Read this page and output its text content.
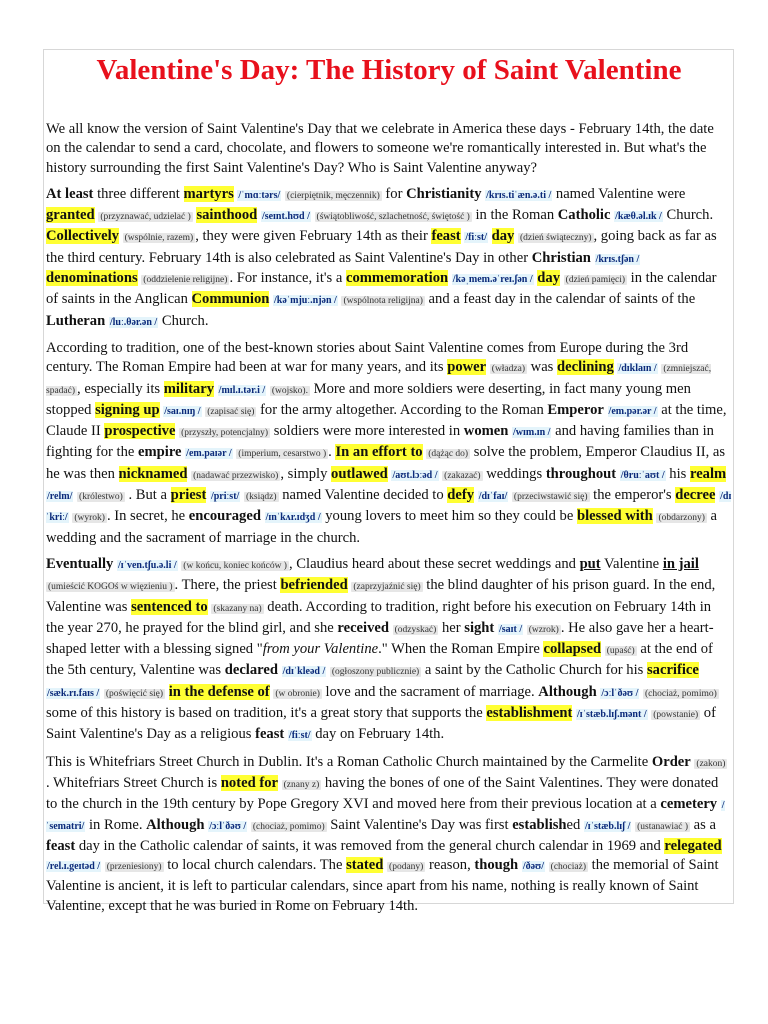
Valentine's Day: The History of Saint Valentine

We all know the version of Saint Valentine's Day that we celebrate in America these days - February 14th, the date on the calendar to send a card, chocolate, and flowers to someone we're romantically interested in. But what's the history surrounding the first Saint Valentine's Day? Who is Saint Valentine anyway?

At least three different martyrs /ˈmɑːtərs/ (cierpiętnik, męczennik) for Christianity /krɪs.tiˈæn.ə.ti / named Valentine were granted (przyznawać, udzielać ) sainthood /seɪnt.hʊd / (świątobliwość, szlachetność, świętość ) in the Roman Catholic /kæθ.əl.ɪk / Church. Collectively (wspólnie, razem) , they were given February 14th as their feast /fiːst/ day (dzień świąteczny) , going back as far as the third century. February 14th is also celebrated as Saint Valentine's Day in other Christian /krɪs.tʃən / denominations (oddzielenie religijne) . For instance, it's a commemoration /kəˌmem.əˈreɪ.ʃən / day (dzień pamięci) in the calendar of saints in the Anglican Communion /kəˈmjuː.njən / (wspólnota religijna) and a feast day in the calendar of saints of the Lutheran /luː.θər.ən / Church.

According to tradition, one of the best-known stories about Saint Valentine comes from Europe during the 3rd century. The Roman Empire had been at war for many years, and its power (władza) was declining /dɪklaɪn / (zmniejszać, spadać) , especially its military /mɪl.ɪ.tər.i / (wojsko). More and more soldiers were deserting, in fact many young men stopped signing up /saɪ.nɪŋ / (zapisać się) for the army altogether. According to the Roman Emperor /em.pər.ər / at the time, Claude II prospective (przyszły, potencjalny) soldiers were more interested in women /wɪm.ɪn / and having families than in fighting for the empire /em.paɪər / (imperium, cesarstwo ) . In an effort to (dążąc do) solve the problem, Emperor Claudius II, as he was then nicknamed (nadawać przezwisko) , simply outlawed /aʊt.lɔːəd / (zakazać) weddings throughout /θruːˈaʊt / his realm /relm/ (królestwo) . But a priest /priːst/ (ksiądz) named Valentine decided to defy /dɪˈfaɪ/ (przeciwstawić się) the emperor's decree /dɪˈkriː/ (wyrok) . In secret, he encouraged /ɪnˈkʌr.ɪdʒd / young lovers to meet him so they could be blessed with (obdarzony) a wedding and the sacrament of marriage in the church.

Eventually /ɪˈven.tʃu.ə.li / (w końcu, koniec końców ) , Claudius heard about these secret weddings and put Valentine in jail (umieścić KOGOś w więzieniu ) . There, the priest befriended (zaprzyjaźnić się) the blind daughter of his prison guard. In the end, Valentine was sentenced to (skazany na) death. According to tradition, right before his execution on February 14th in the year 270, he prayed for the blind girl, and she received (odzyskać) her sight /saɪt / (wzrok) . He also gave her a heart-shaped letter with a blessing signed "from your Valentine." When the Roman Empire collapsed (upaść) at the end of the 5th century, Valentine was declared /dɪˈkleəd / (ogłoszony publicznie) a saint by the Catholic Church for his sacrifice /sæk.rɪ.faɪs / (poświęcić się) in the defense of (w obronie) love and the sacrament of marriage. Although /ɔːlˈðəʊ / (chociaż, pomimo) some of this history is based on tradition, it's a great story that supports the establishment /ɪˈstæb.lɪʃ.mənt / (powstanie) of Saint Valentine's Day as a religious feast /fiːst/ day on February 14th.

This is Whitefriars Street Church in Dublin. It's a Roman Catholic Church maintained by the Carmelite Order (zakon) . Whitefriars Street Church is noted for (znany z) having the bones of one of the Saint Valentines. They were donated to the church in the 19th century by Pope Gregory XVI and moved here from their previous location at a cemetery /ˈsematri/ in Rome. Although /ɔːlˈðəʊ / (chociaż, pomimo) Saint Valentine's Day was first established /ɪˈstæb.lɪʃ / (ustanawiać ) as a feast day in the Catholic calendar of saints, it was removed from the general church calendar in 1969 and relegated /rel.ɪ.geɪtəd / (przeniesiony) to local church calendars. The stated (podany) reason, though /ðəʊ/ (chociaż) the memorial of Saint Valentine is ancient, it is left to particular calendars, since apart from his name, nothing is really known of Saint Valentine, except that he was buried in Rome on February 14th.
